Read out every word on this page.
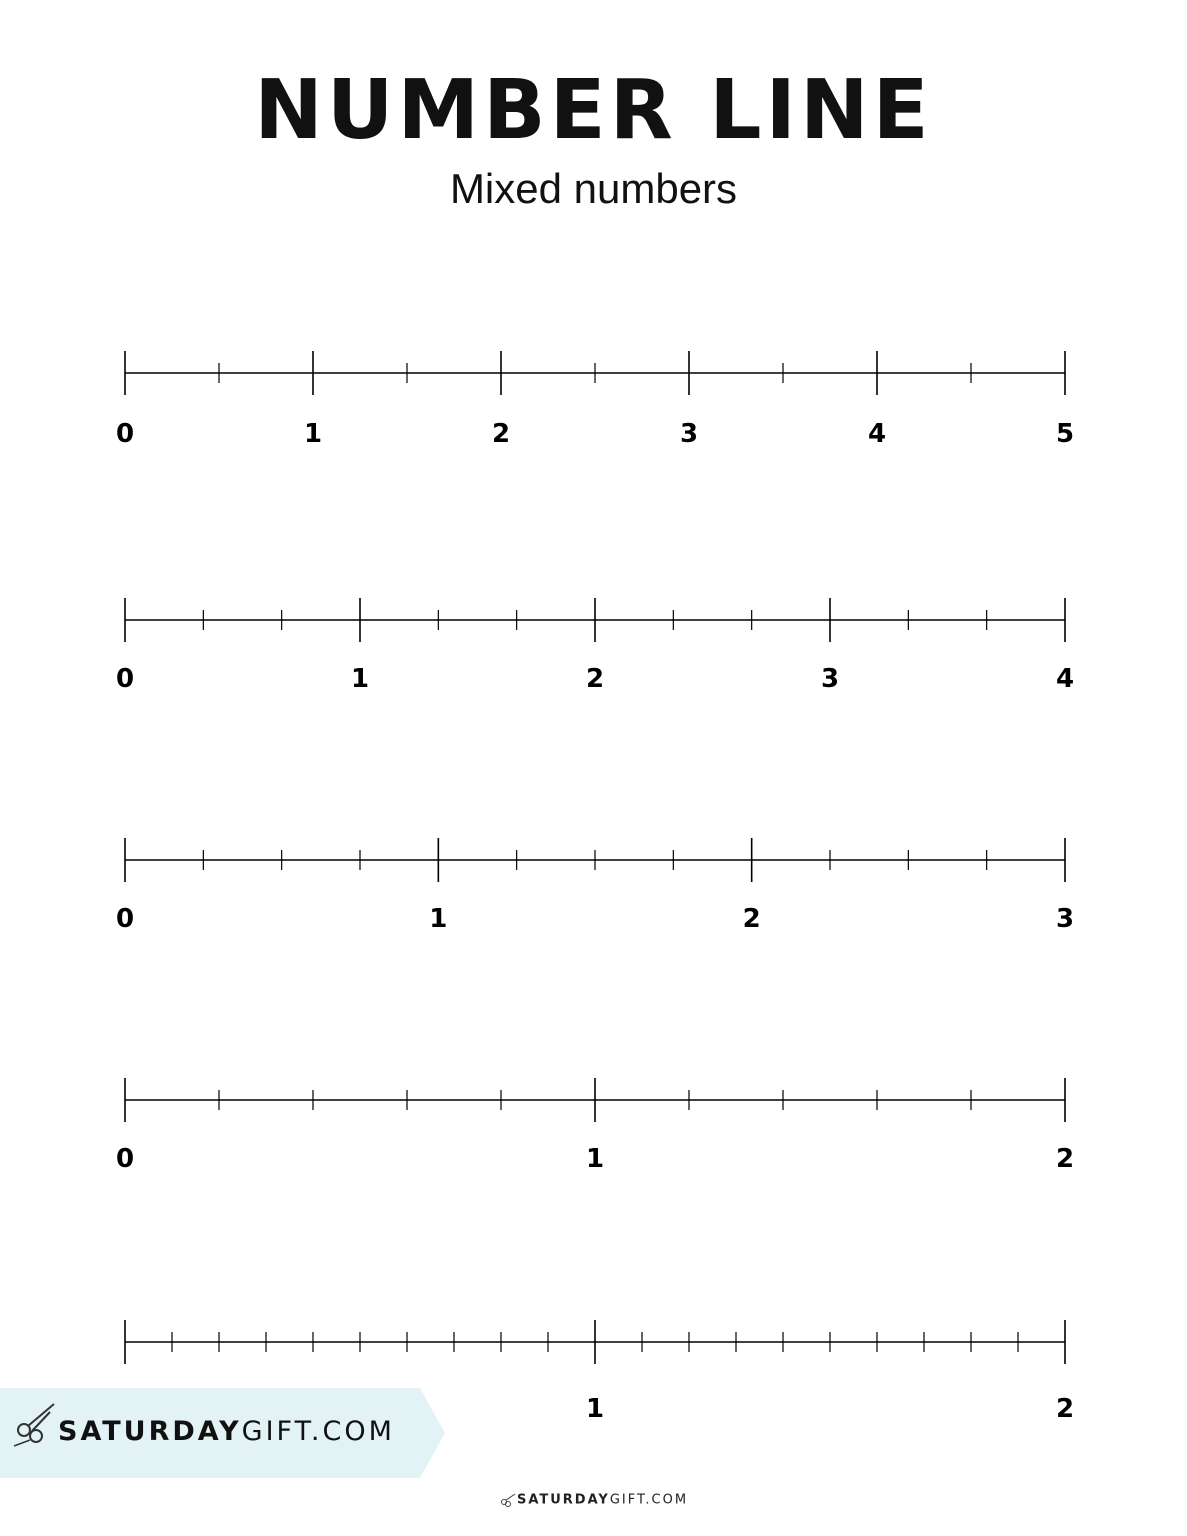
NUMBER LINE
Mixed numbers
0	1	2	3	4	5
0	1	2	3	4
0	1	2	3
0	1	2
1	2
SATURDAYGIFT.COM
SATURDAYGIFT.COM
